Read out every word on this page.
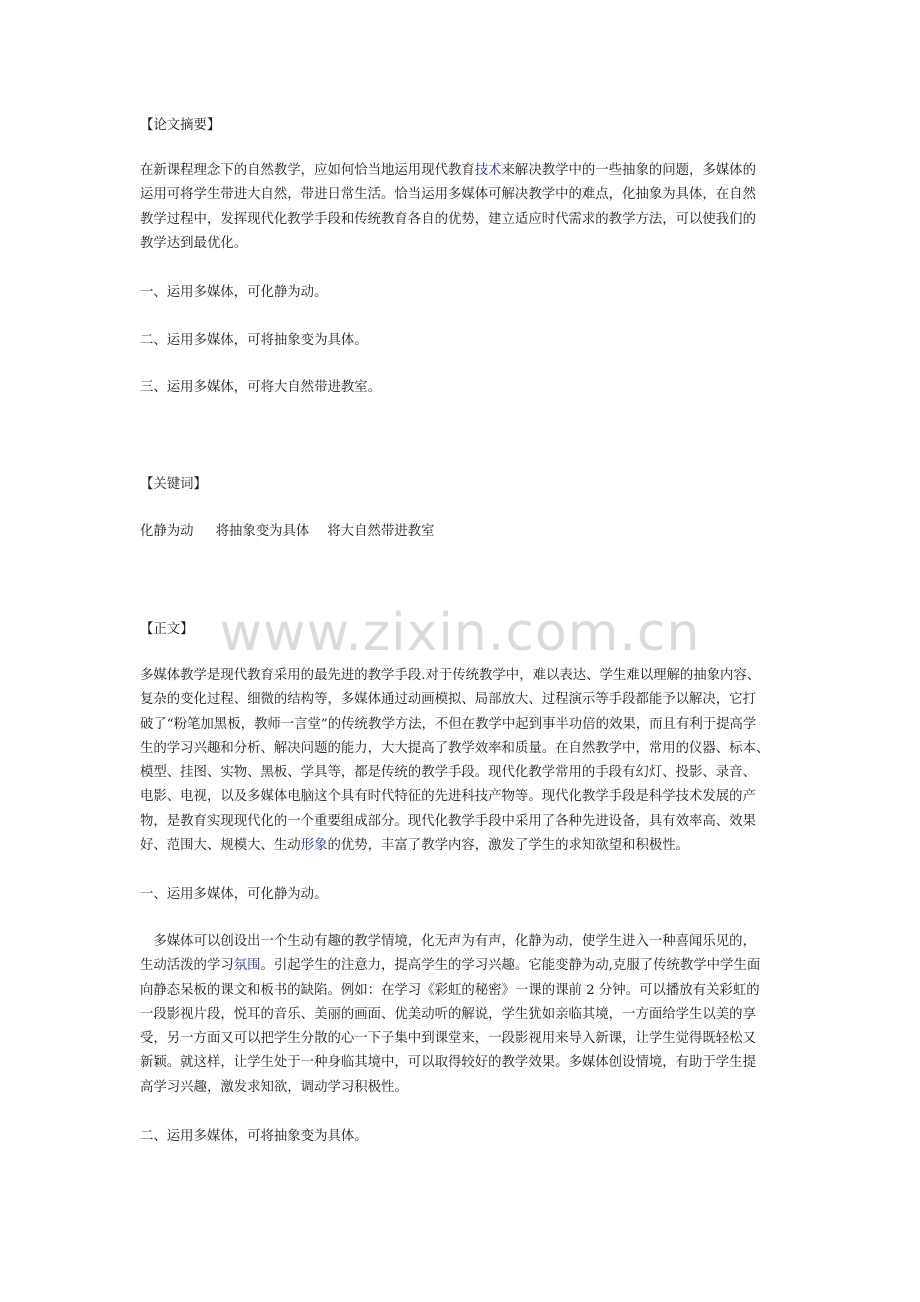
www.zixin.com.cn
【论文摘要】
在新课程理念下的自然教学，应如何恰当地运用现代教育技术来解决教学中的一些抽象的问题，多媒体的
运用可将学生带进大自然，带进日常生活。恰当运用多媒体可解决教学中的难点，化抽象为具体，在自然
教学过程中，发挥现代化教学手段和传统教育各自的优势，建立适应时代需求的教学方法，可以使我们的
教学达到最优化。
一、运用多媒体，可化静为动。
二、运用多媒体，可将抽象变为具体。
三、运用多媒体，可将大自然带进教室。
【关键词】
化静为动 将抽象变为具体 将大自然带进教室
【正文】
多媒体教学是现代教育采用的最先进的教学手段.对于传统教学中，难以表达、学生难以理解的抽象内容、
复杂的变化过程、细微的结构等，多媒体通过动画模拟、局部放大、过程演示等手段都能予以解决，它打
破了“粉笔加黑板，教师一言堂”的传统教学方法，不但在教学中起到事半功倍的效果，而且有利于提高学
生的学习兴趣和分析、解决问题的能力，大大提高了教学效率和质量。在自然教学中，常用的仪器、标本、
模型、挂图、实物、黑板、学具等，都是传统的教学手段。现代化教学常用的手段有幻灯、投影、录音、
电影、电视，以及多媒体电脑这个具有时代特征的先进科技产物等。现代化教学手段是科学技术发展的产
物，是教育实现现代化的一个重要组成部分。现代化教学手段中采用了各种先进设备，具有效率高、效果
好、范围大、规模大、生动形象的优势，丰富了教学内容，激发了学生的求知欲望和积极性。
一、运用多媒体，可化静为动。
　多媒体可以创设出一个生动有趣的教学情境，化无声为有声，化静为动，使学生进入一种喜闻乐见的，
生动活泼的学习氛围。引起学生的注意力，提高学生的学习兴趣。它能变静为动,克服了传统教学中学生面
向静态呆板的课文和板书的缺陷。例如：在学习《彩虹的秘密》一课的课前 2 分钟。可以播放有关彩虹的
一段影视片段，悦耳的音乐、美丽的画面、优美动听的解说，学生犹如亲临其境，一方面给学生以美的享
受，另一方面又可以把学生分散的心一下子集中到课堂来，一段影视用来导入新课，让学生觉得既轻松又
新颖。就这样，让学生处于一种身临其境中，可以取得较好的教学效果。多媒体创设情境，有助于学生提
高学习兴趣，激发求知欲，调动学习积极性。
二、运用多媒体，可将抽象变为具体。
